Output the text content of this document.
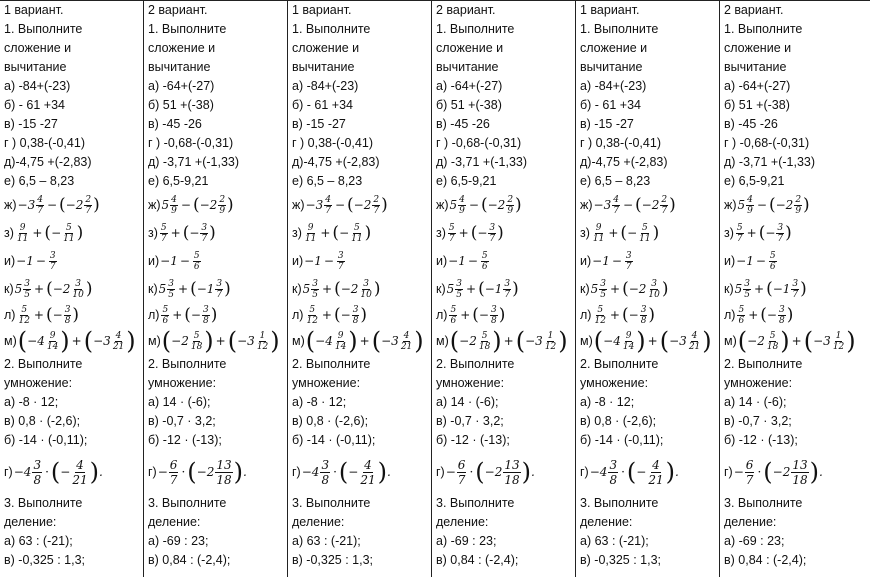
1 вариант.
1. Выполните
сложение и
вычитание
а) -84+(-23)
б) - 61 +34
в) -15 -27
г ) 0,38-(-0,41)
д)-4,75 +(-2,83)
е) 6,5 – 8,23
$ж) -3 \frac{4}{7}$ − ( $-2 \frac{2}{7}$ )
$з) \frac{9}{11}$ + ( − $\frac{5}{11}$ )
$и) -1 - \frac{3}{7}$
к) $5 \frac{3}{5}$ + ( $-2 \frac{3}{10}$ )
$л) \frac{5}{12}$ + ( − $\frac{3}{8}$ )
м) ( $-4 \frac{9}{14}$ ) + ( $-3 \frac{4}{21}$ )
2. Выполните
умножение:
а) -8 · 12;
в) 0,8 · (-2,6);
б) -14 · (-0,11);
$г) -4 \frac{3}{8}$ · ( − $\frac{4}{21}$ ) .
3. Выполните
деление:
а) 63 : (-21);
в) -0,325 : 1,3;
2 вариант.
1. Выполните
сложение и
вычитание
а) -64+(-27)
б) 51 +(-38)
в) -45 -26
г ) -0,68-(-0,31)
д) -3,71 +(-1,33)
е) 6,5-9,21
ж) $5 \frac{4}{9}$ − ( $-2 \frac{2}{9}$ )
$з) \frac{5}{7}$ + ( − $\frac{3}{7}$ )
$и) -1 - \frac{5}{6}$
к) $5 \frac{3}{5}$ + ( $-1 \frac{3}{7}$ )
$л) \frac{5}{6}$ + ( − $\frac{3}{8}$ )
м) ( $-2 \frac{5}{18}$ ) + ( $-3 \frac{1}{12}$ )
2. Выполните
умножение:
а) 14 · (-6);
в) -0,7 · 3,2;
б) -12 · (-13);
$г) - \frac{6}{7}$ · ( $-2 \frac{13}{18}$ ) .
3. Выполните
деление:
а) -69 : 23;
в) 0,84 : (-2,4);
1 вариант.
1. Выполните
сложение и
вычитание
а) -84+(-23)
б) - 61 +34
в) -15 -27
г ) 0,38-(-0,41)
д)-4,75 +(-2,83)
е) 6,5 – 8,23
$ж) -3 \frac{4}{7}$ − ( $-2 \frac{2}{7}$ )
$з) \frac{9}{11}$ + ( − $\frac{5}{11}$ )
$и) -1 - \frac{3}{7}$
к) $5 \frac{3}{5}$ + ( $-2 \frac{3}{10}$ )
$л) \frac{5}{12}$ + ( − $\frac{3}{8}$ )
м) ( $-4 \frac{9}{14}$ ) + ( $-3 \frac{4}{21}$ )
2. Выполните
умножение:
а) -8 · 12;
в) 0,8 · (-2,6);
б) -14 · (-0,11);
$г) -4 \frac{3}{8}$ · ( − $\frac{4}{21}$ ) .
3. Выполните
деление:
а) 63 : (-21);
в) -0,325 : 1,3;
2 вариант.
1. Выполните
сложение и
вычитание
а) -64+(-27)
б) 51 +(-38)
в) -45 -26
г ) -0,68-(-0,31)
д) -3,71 +(-1,33)
е) 6,5-9,21
ж) $5 \frac{4}{9}$ − ( $-2 \frac{2}{9}$ )
$з) \frac{5}{7}$ + ( − $\frac{3}{7}$ )
$и) -1 - \frac{5}{6}$
к) $5 \frac{3}{5}$ + ( $-1 \frac{3}{7}$ )
$л) \frac{5}{6}$ + ( − $\frac{3}{8}$ )
м) ( $-2 \frac{5}{18}$ ) + ( $-3 \frac{1}{12}$ )
2. Выполните
умножение:
а) 14 · (-6);
в) -0,7 · 3,2;
б) -12 · (-13);
$г) - \frac{6}{7}$ · ( $-2 \frac{13}{18}$ ) .
3. Выполните
деление:
а) -69 : 23;
в) 0,84 : (-2,4);
1 вариант.
1. Выполните
сложение и
вычитание
а) -84+(-23)
б) - 61 +34
в) -15 -27
г ) 0,38-(-0,41)
д)-4,75 +(-2,83)
е) 6,5 – 8,23
$ж) -3 \frac{4}{7}$ − ( $-2 \frac{2}{7}$ )
$з) \frac{9}{11}$ + ( − $\frac{5}{11}$ )
$и) -1 - \frac{3}{7}$
к) $5 \frac{3}{5}$ + ( $-2 \frac{3}{10}$ )
$л) \frac{5}{12}$ + ( − $\frac{3}{8}$ )
м) ( $-4 \frac{9}{14}$ ) + ( $-3 \frac{4}{21}$ )
2. Выполните
умножение:
а) -8 · 12;
в) 0,8 · (-2,6);
б) -14 · (-0,11);
$г) -4 \frac{3}{8}$ · ( − $\frac{4}{21}$ ) .
3. Выполните
деление:
а) 63 : (-21);
в) -0,325 : 1,3;
2 вариант.
1. Выполните
сложение и
вычитание
а) -64+(-27)
б) 51 +(-38)
в) -45 -26
г ) -0,68-(-0,31)
д) -3,71 +(-1,33)
е) 6,5-9,21
ж) $5 \frac{4}{9}$ − ( $-2 \frac{2}{9}$ )
$з) \frac{5}{7}$ + ( − $\frac{3}{7}$ )
$и) -1 - \frac{5}{6}$
к) $5 \frac{3}{5}$ + ( $-1 \frac{3}{7}$ )
$л) \frac{5}{6}$ + ( − $\frac{3}{8}$ )
м) ( $-2 \frac{5}{18}$ ) + ( $-3 \frac{1}{12}$ )
2. Выполните
умножение:
а) 14 · (-6);
в) -0,7 · 3,2;
б) -12 · (-13);
$г) - \frac{6}{7}$ · ( $-2 \frac{13}{18}$ ) .
3. Выполните
деление:
а) -69 : 23;
в) 0,84 : (-2,4);
